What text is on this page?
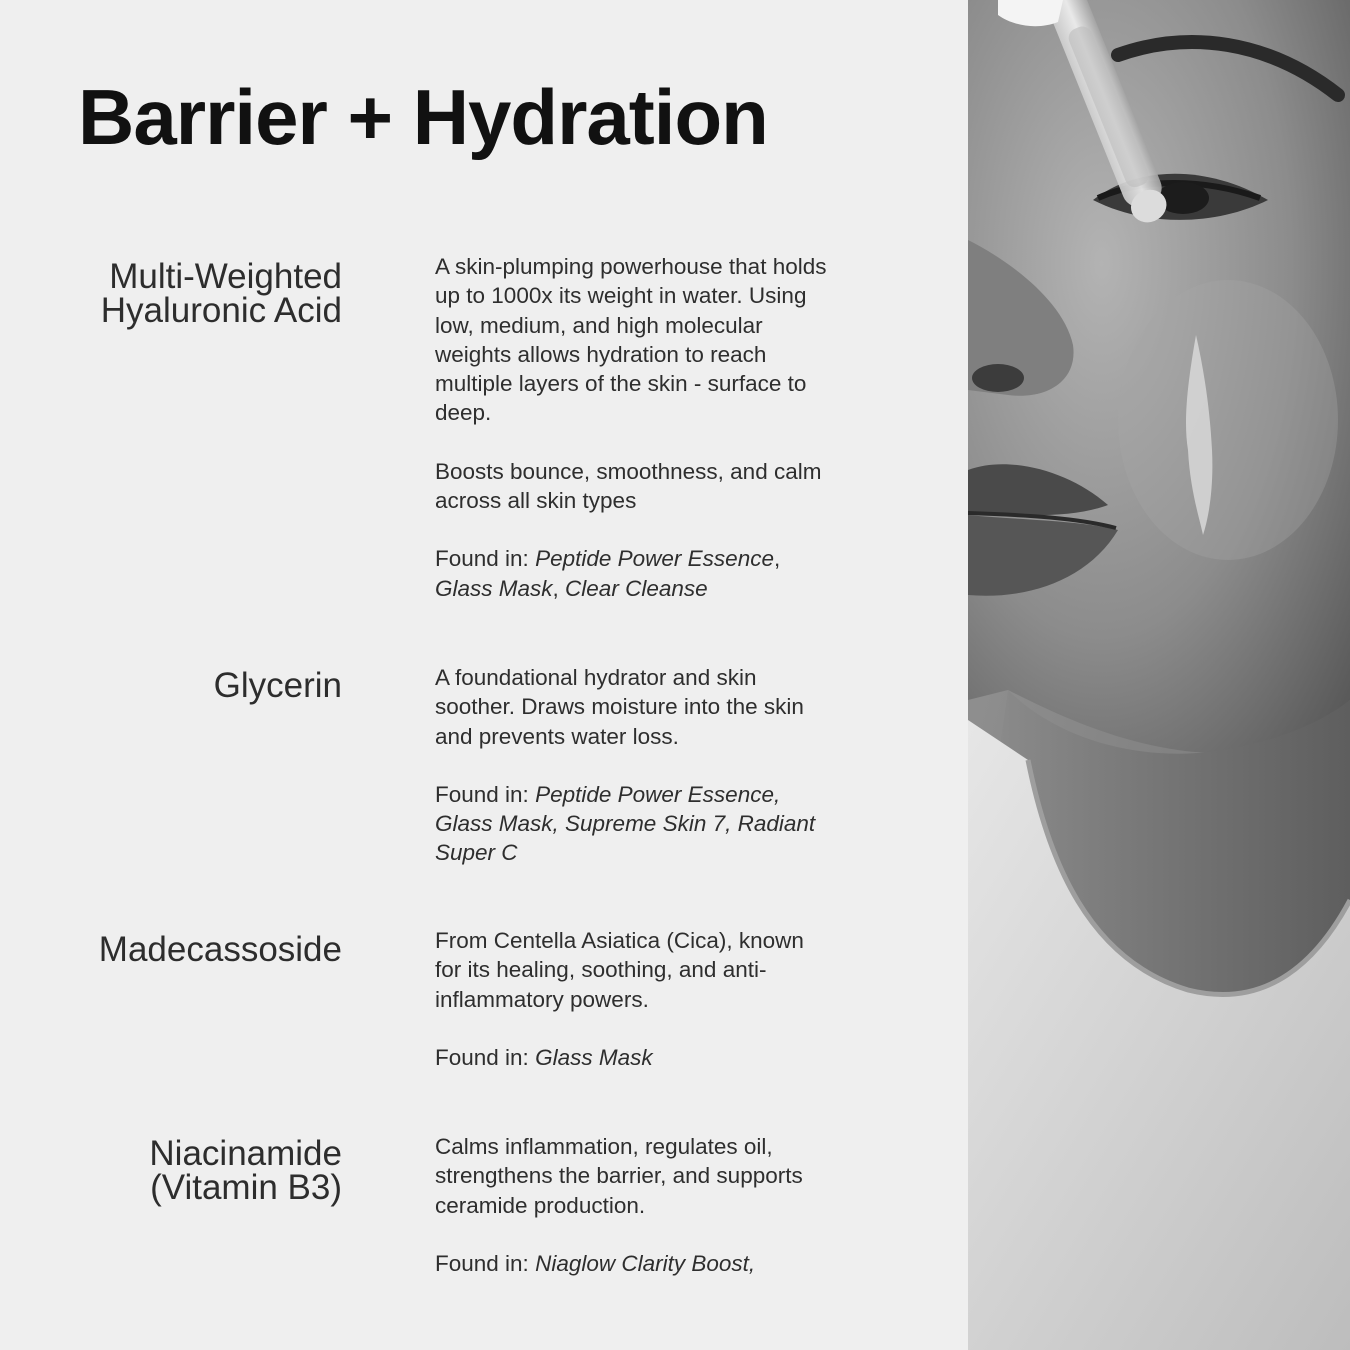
Barrier + Hydration
Multi-Weighted
Hyaluronic Acid

A skin-plumping powerhouse that holds up to 1000x its weight in water. Using low, medium, and high molecular weights allows hydration to reach multiple layers of the skin - surface to deep.

Boosts bounce, smoothness, and calm across all skin types

Found in: Peptide Power Essence,
Glass Mask, Clear Cleanse

Glycerin	A foundational hydrator and skin soother. Draws moisture into the skin and prevents water loss.

Found in: Peptide Power Essence, Glass Mask, Supreme Skin 7, Radiant Super C

Madecassoside	From Centella Asiatica (Cica), known for its healing, soothing, and anti-inflammatory powers.

Found in: Glass Mask

Niacinamide
(Vitamin B3)

Calms inflammation, regulates oil, strengthens the barrier, and supports ceramide production.

Found in: Niaglow Clarity Boost,
